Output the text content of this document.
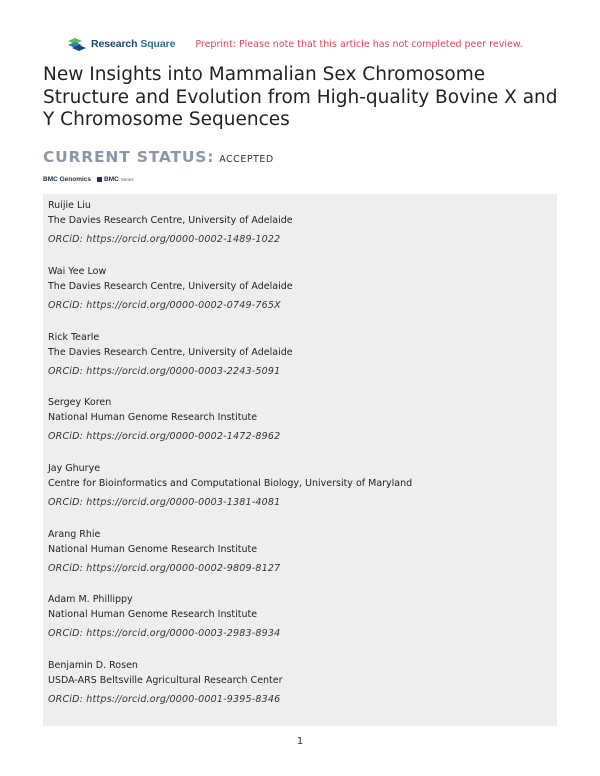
Research Square Preprint: Please note that this article has not completed peer review.
New Insights into Mammalian Sex Chromosome Structure and Evolution from High-quality Bovine X and Y Chromosome Sequences
CURRENT STATUS: ACCEPTED
BMC Genomics BMC Series
Ruijie Liu
The Davies Research Centre, University of Adelaide
ORCiD: https://orcid.org/0000-0002-1489-1022
Wai Yee Low
The Davies Research Centre, University of Adelaide
ORCiD: https://orcid.org/0000-0002-0749-765X
Rick Tearle
The Davies Research Centre, University of Adelaide
ORCiD: https://orcid.org/0000-0003-2243-5091
Sergey Koren
National Human Genome Research Institute
ORCiD: https://orcid.org/0000-0002-1472-8962
Jay Ghurye
Centre for Bioinformatics and Computational Biology, University of Maryland
ORCiD: https://orcid.org/0000-0003-1381-4081
Arang Rhie
National Human Genome Research Institute
ORCiD: https://orcid.org/0000-0002-9809-8127
Adam M. Phillippy
National Human Genome Research Institute
ORCiD: https://orcid.org/0000-0003-2983-8934
Benjamin D. Rosen
USDA-ARS Beltsville Agricultural Research Center
ORCiD: https://orcid.org/0000-0001-9395-8346
1
